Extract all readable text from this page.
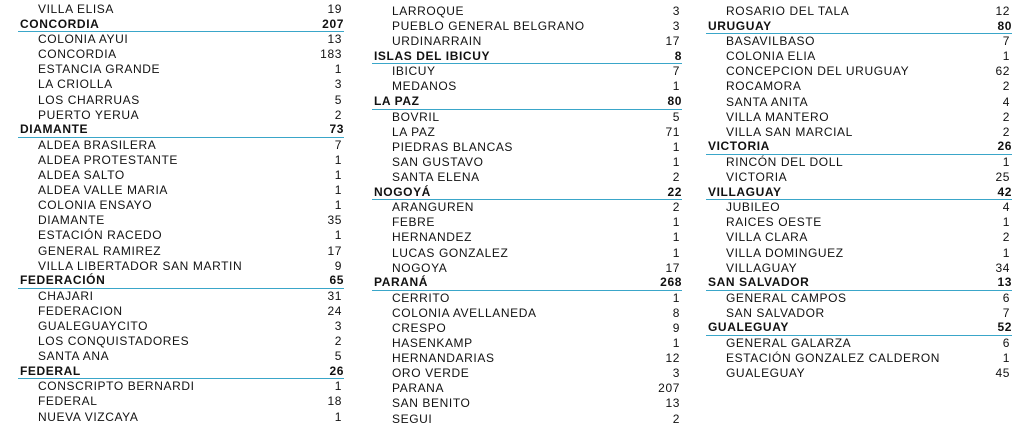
VILLA ELISA	19
CONCORDIA	207
COLONIA AYUI	13
CONCORDIA	183
ESTANCIA GRANDE	1
LA CRIOLLA	3
LOS CHARRUAS	5
PUERTO YERUA	2
DIAMANTE	73
ALDEA BRASILERA	7
ALDEA PROTESTANTE	1
ALDEA SALTO	1
ALDEA VALLE MARIA	1
COLONIA ENSAYO	1
DIAMANTE	35
ESTACIÓN RACEDO	1
GENERAL RAMIREZ	17
VILLA LIBERTADOR SAN MARTIN	9
FEDERACIÓN	65
CHAJARI	31
FEDERACION	24
GUALEGUAYCITO	3
LOS CONQUISTADORES	2
SANTA ANA	5
FEDERAL	26
CONSCRIPTO BERNARDI	1
FEDERAL	18
NUEVA VIZCAYA	1
LARROQUE	3
PUEBLO GENERAL BELGRANO	3
URDINARRAIN	17
ISLAS DEL IBICUY	8
IBICUY	7
MEDANOS	1
LA PAZ	80
BOVRIL	5
LA PAZ	71
PIEDRAS BLANCAS	1
SAN GUSTAVO	1
SANTA ELENA	2
NOGOYÁ	22
ARANGUREN	2
FEBRE	1
HERNANDEZ	1
LUCAS GONZALEZ	1
NOGOYA	17
PARANÁ	268
CERRITO	1
COLONIA AVELLANEDA	8
CRESPO	9
HASENKAMP	1
HERNANDARIAS	12
ORO VERDE	3
PARANA	207
SAN BENITO	13
SEGUI	2
ROSARIO DEL TALA	12
URUGUAY	80
BASAVILBASO	7
COLONIA ELIA	1
CONCEPCION DEL URUGUAY	62
ROCAMORA	2
SANTA ANITA	4
VILLA MANTERO	2
VILLA SAN MARCIAL	2
VICTORIA	26
RINCÓN DEL DOLL	1
VICTORIA	25
VILLAGUAY	42
JUBILEO	4
RAICES OESTE	1
VILLA CLARA	2
VILLA DOMINGUEZ	1
VILLAGUAY	34
SAN SALVADOR	13
GENERAL CAMPOS	6
SAN SALVADOR	7
GUALEGUAY	52
GENERAL GALARZA	6
ESTACIÓN GONZALEZ CALDERON	1
GUALEGUAY	45
